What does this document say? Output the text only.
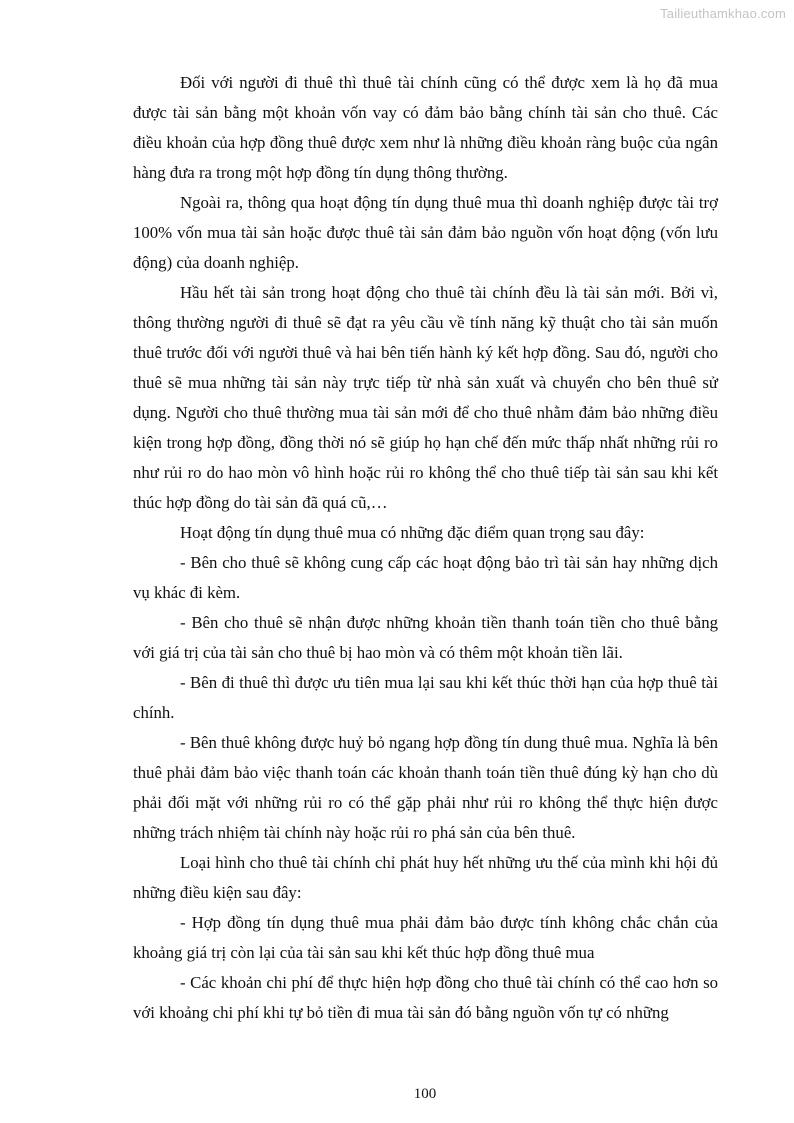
Tailieuthamkhao.com

Đối với người đi thuê thì thuê tài chính cũng có thể được xem là họ đã mua được tài sản bằng một khoản vốn vay có đảm bảo bằng chính tài sản cho thuê. Các điều khoản của hợp đồng thuê được xem như là những điều khoản ràng buộc của ngân hàng đưa ra trong một hợp đồng tín dụng thông thường.

Ngoài ra, thông qua hoạt động tín dụng thuê mua thì doanh nghiệp được tài trợ 100% vốn mua tài sản hoặc được thuê tài sản đảm bảo nguồn vốn hoạt động (vốn lưu động) của doanh nghiệp.

Hầu hết tài sản trong hoạt động cho thuê tài chính đều là tài sản mới. Bởi vì, thông thường người đi thuê sẽ đạt ra yêu cầu về tính năng kỹ thuật cho tài sản muốn thuê trước đối với người thuê và hai bên tiến hành ký kết hợp đồng. Sau đó, người cho thuê sẽ mua những tài sản này trực tiếp từ nhà sản xuất và chuyển cho bên thuê sử dụng. Người cho thuê thường mua tài sản mới để cho thuê nhằm đảm bảo những điều kiện trong hợp đồng, đồng thời nó sẽ giúp họ hạn chế đến mức thấp nhất những rủi ro như rủi ro do hao mòn vô hình hoặc rủi ro không thể cho thuê tiếp tài sản sau khi kết thúc hợp đồng do tài sản đã quá cũ,…

Hoạt động tín dụng thuê mua có những đặc điểm quan trọng sau đây:

- Bên cho thuê sẽ không cung cấp các hoạt động bảo trì tài sản hay những dịch vụ khác đi kèm.

- Bên cho thuê sẽ nhận được những khoản tiền thanh toán tiền cho thuê bằng với giá trị của tài sản cho thuê bị hao mòn và có thêm một khoản tiền lãi.

- Bên đi thuê thì được ưu tiên mua lại sau khi kết thúc thời hạn của hợp thuê tài chính.

- Bên thuê không được huỷ bỏ ngang hợp đồng tín dung thuê mua. Nghĩa là bên thuê phải đảm bảo việc thanh toán các khoản thanh toán tiền thuê đúng kỳ hạn cho dù phải đối mặt với những rủi ro có thể gặp phải như rủi ro không thể thực hiện được những trách nhiệm tài chính này hoặc rủi ro phá sản của bên thuê.

Loại hình cho thuê tài chính chỉ phát huy hết những ưu thế của mình khi hội đủ những điều kiện sau đây:

- Hợp đồng tín dụng thuê mua phải đảm bảo được tính không chắc chắn của khoảng giá trị còn lại của tài sản sau khi kết thúc hợp đồng thuê mua

- Các khoản chi phí để thực hiện hợp đồng cho thuê tài chính có thể cao hơn so với khoảng chi phí khi tự bỏ tiền đi mua tài sản đó bằng nguồn vốn tự có những

100
